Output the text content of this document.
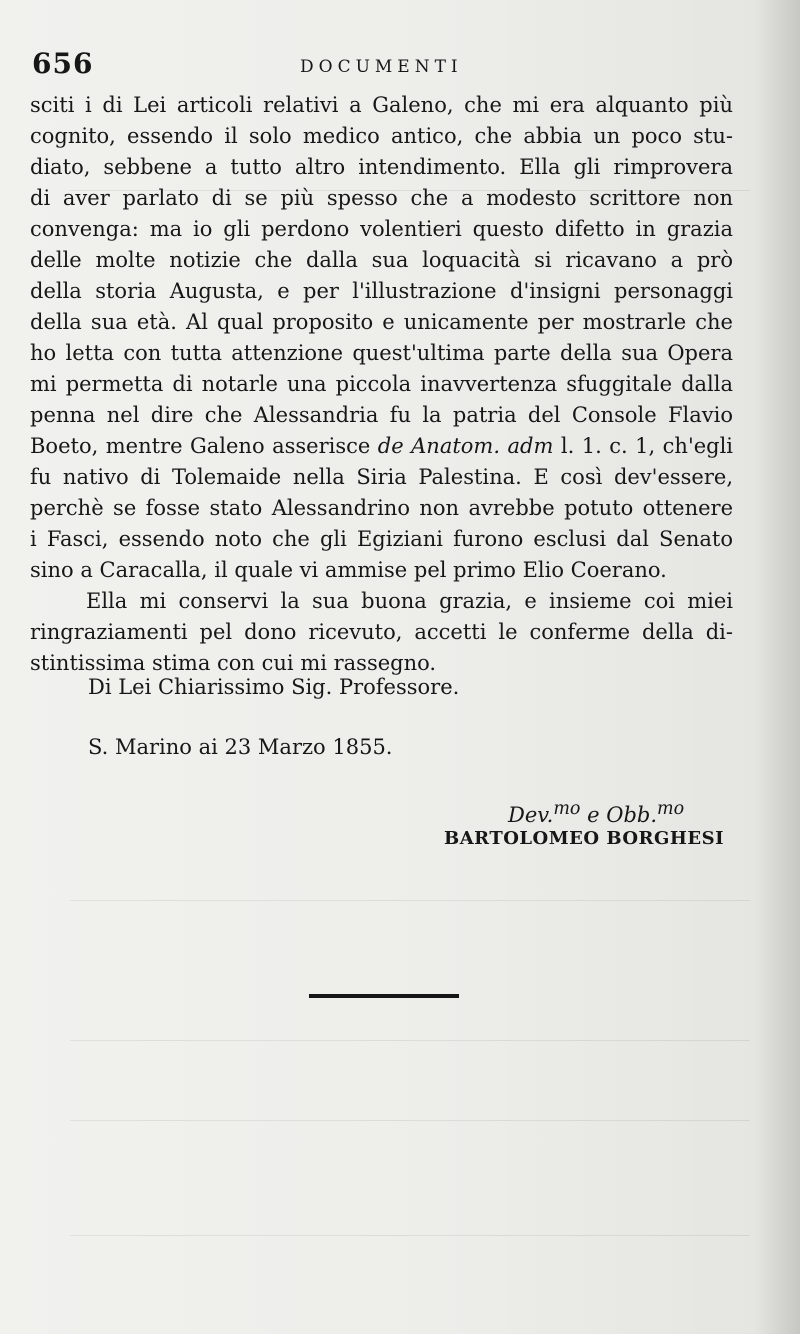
656	DOCUMENTI
sciti i di Lei articoli relativi a Galeno, che mi era alquanto più
cognito, essendo il solo medico antico, che abbia un poco stu-
diato, sebbene a tutto altro intendimento. Ella gli rimprovera
di aver parlato di se più spesso che a modesto scrittore non
convenga: ma io gli perdono volentieri questo difetto in grazia
delle molte notizie che dalla sua loquacità si ricavano a prò
della storia Augusta, e per l'illustrazione d'insigni personaggi
della sua età. Al qual proposito e unicamente per mostrarle che
ho letta con tutta attenzione quest'ultima parte della sua Opera
mi permetta di notarle una piccola inavvertenza sfuggitale dalla
penna nel dire che Alessandria fu la patria del Console Flavio
Boeto, mentre Galeno asserisce de Anatom. adm l. 1. c. 1, ch'egli
fu nativo di Tolemaide nella Siria Palestina. E così dev'essere,
perchè se fosse stato Alessandrino non avrebbe potuto ottenere
i Fasci, essendo noto che gli Egiziani furono esclusi dal Senato
sino a Caracalla, il quale vi ammise pel primo Elio Coerano.
Ella mi conservi la sua buona grazia, e insieme coi miei
ringraziamenti pel dono ricevuto, accetti le conferme della di-
stintissima stima con cui mi rassegno.
Di Lei Chiarissimo Sig. Professore.
S. Marino ai 23 Marzo 1855.
Dev.$^{mo}$ e Obb.$^{mo}$
BARTOLOMEO BORGHESI
